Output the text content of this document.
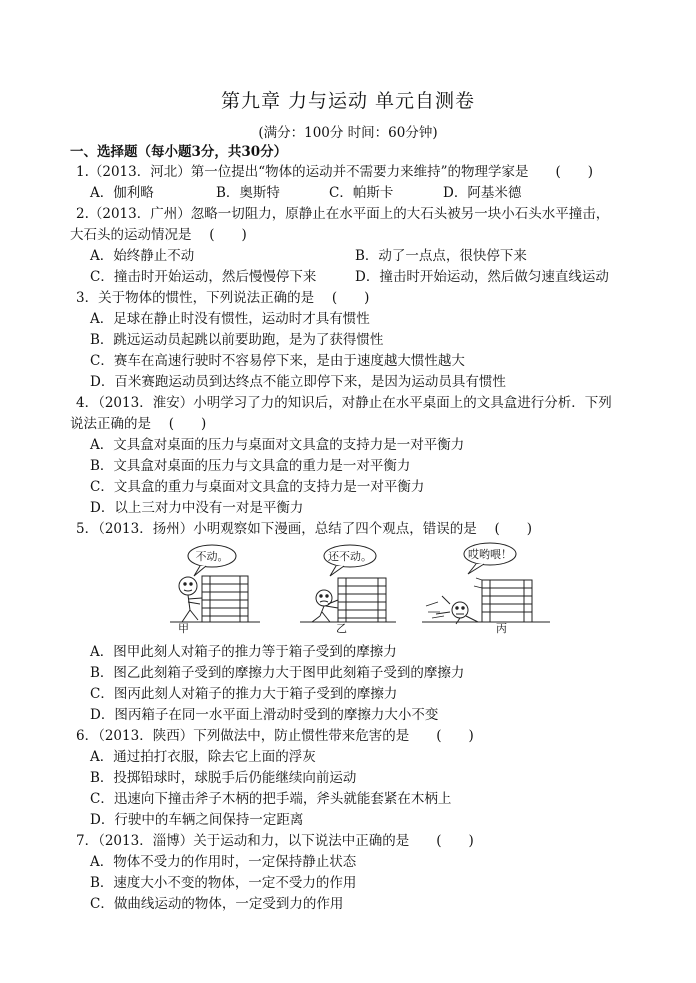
第九章 力与运动 单元自测卷
(满分：100分 时间：60分钟)
一、选择题（每小题3分，共30分）
1.（2013．河北）第一位提出“物体的运动并不需要力来维持”的物理学家是　　(　　)
A．伽利略	B．奥斯特	C．帕斯卡	D．阿基米德
2.（2013．广州）忽略一切阻力，原静止在水平面上的大石头被另一块小石头水平撞击，
大石头的运动情况是　 (　　)
A．始终静止不动	B．动了一点点，很快停下来
C．撞击时开始运动，然后慢慢停下来	D．撞击时开始运动，然后做匀速直线运动
3．关于物体的惯性，下列说法正确的是　 (　　)
A．足球在静止时没有惯性，运动时才具有惯性
B．跳远运动员起跳以前要助跑，是为了获得惯性
C．赛车在高速行驶时不容易停下来，是由于速度越大惯性越大
D．百米赛跑运动员到达终点不能立即停下来，是因为运动员具有惯性
4．（2013．淮安）小明学习了力的知识后，对静止在水平桌面上的文具盒进行分析．下列
说法正确的是　 (　　)
A．文具盒对桌面的压力与桌面对文具盒的支持力是一对平衡力
B．文具盒对桌面的压力与文具盒的重力是一对平衡力
C．文具盒的重力与桌面对文具盒的支持力是一对平衡力
D．以上三对力中没有一对是平衡力
5．（2013．扬州）小明观察如下漫画，总结了四个观点，错误的是　 (　　)
不动。
甲
还不动。
乙
哎哟喂！
丙
A．图甲此刻人对箱子的推力等于箱子受到的摩擦力
B．图乙此刻箱子受到的摩擦力大于图甲此刻箱子受到的摩擦力
C．图丙此刻人对箱子的推力大于箱子受到的摩擦力
D．图丙箱子在同一水平面上滑动时受到的摩擦力大小不变
6．（2013．陕西）下列做法中，防止惯性带来危害的是　　(　　)
A．通过拍打衣服，除去它上面的浮灰
B．投掷铅球时，球脱手后仍能继续向前运动
C．迅速向下撞击斧子木柄的把手端，斧头就能套紧在木柄上
D．行驶中的车辆之间保持一定距离
7．（2013．淄博）关于运动和力，以下说法中正确的是　　(　　)
A．物体不受力的作用时，一定保持静止状态
B．速度大小不变的物体，一定不受力的作用
C．做曲线运动的物体，一定受到力的作用
